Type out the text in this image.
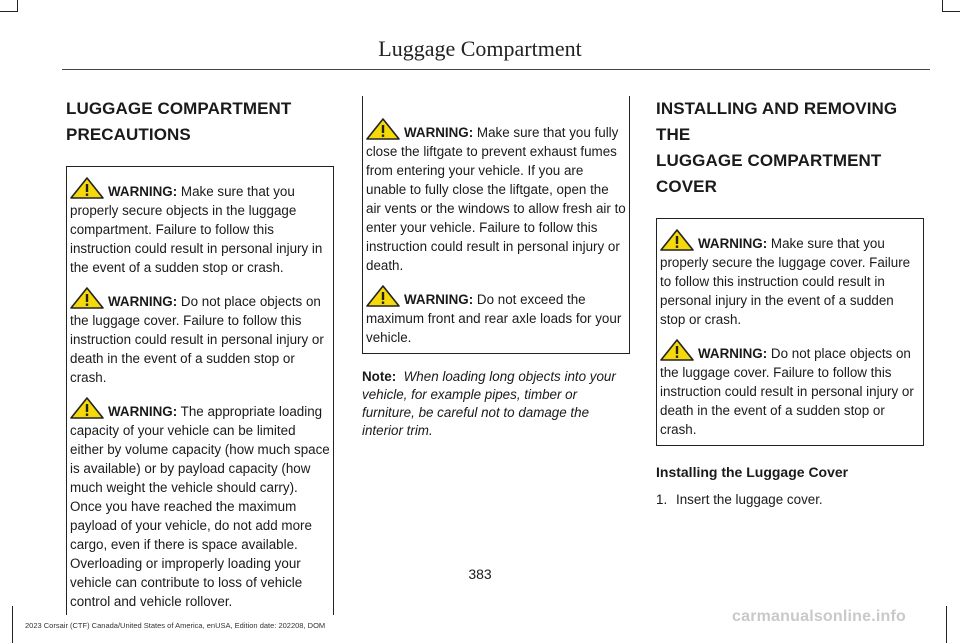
Luggage Compartment
LUGGAGE COMPARTMENT
PRECAUTIONS

WARNING: Make sure that you properly secure objects in the luggage compartment. Failure to follow this instruction could result in personal injury in the event of a sudden stop or crash.

WARNING: Do not place objects on the luggage cover. Failure to follow this instruction could result in personal injury or death in the event of a sudden stop or crash.

WARNING: The appropriate loading capacity of your vehicle can be limited either by volume capacity (how much space is available) or by payload capacity (how much weight the vehicle should carry). Once you have reached the maximum payload of your vehicle, do not add more cargo, even if there is space available. Overloading or improperly loading your vehicle can contribute to loss of vehicle control and vehicle rollover.

WARNING: Make sure that you fully close the liftgate to prevent exhaust fumes from entering your vehicle. If you are unable to fully close the liftgate, open the air vents or the windows to allow fresh air to enter your vehicle. Failure to follow this instruction could result in personal injury or death.

WARNING: Do not exceed the maximum front and rear axle loads for your vehicle.

Note: When loading long objects into your vehicle, for example pipes, timber or furniture, be careful not to damage the interior trim.

INSTALLING AND REMOVING THE
LUGGAGE COMPARTMENT COVER

WARNING: Make sure that you properly secure the luggage cover. Failure to follow this instruction could result in personal injury in the event of a sudden stop or crash.

WARNING: Do not place objects on the luggage cover. Failure to follow this instruction could result in personal injury or death in the event of a sudden stop or crash.

Installing the Luggage Cover
1. Insert the luggage cover.
383
2023 Corsair (CTF) Canada/United States of America, enUSA, Edition date: 202208, DOM
carmanualsonline.info
